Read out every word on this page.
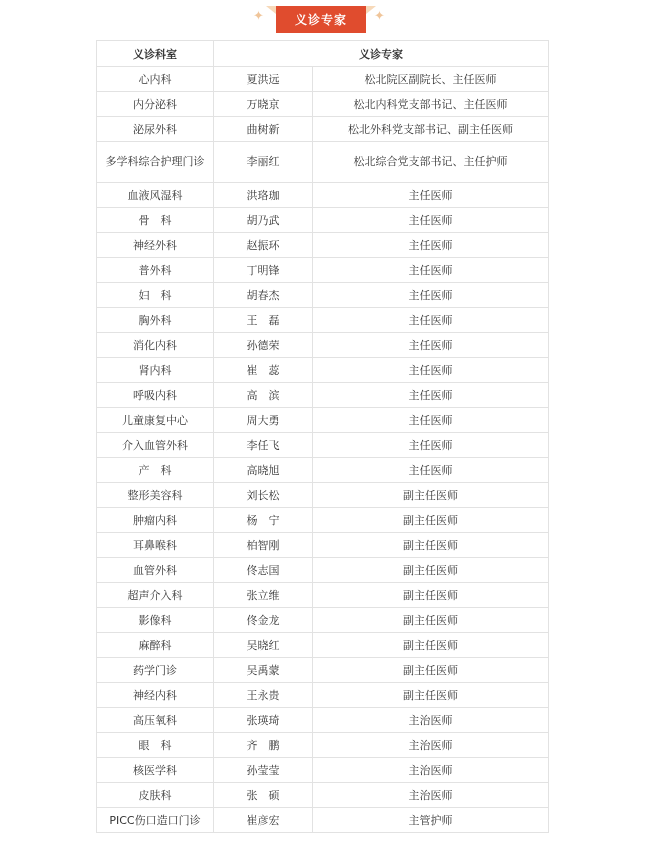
✦	义诊专家	✦
义诊科室	义诊专家	
心内科	夏洪远	松北院区副院长、主任医师
内分泌科	万晓京	松北内科党支部书记、主任医师
泌尿外科	曲树新	松北外科党支部书记、副主任医师
多学科综合护理门诊	李丽红	松北综合党支部书记、主任护师
血液风湿科	洪珞珈	主任医师
骨　科	胡乃武	主任医师
神经外科	赵振环	主任医师
普外科	丁明锋	主任医师
妇　科	胡春杰	主任医师
胸外科	王　磊	主任医师
消化内科	孙德荣	主任医师
肾内科	崔　蕊	主任医师
呼吸内科	高　滨	主任医师
儿童康复中心	周大勇	主任医师
介入血管外科	李任飞	主任医师
产　科	高晓旭	主任医师
整形美容科	刘长松	副主任医师
肿瘤内科	杨　宁	副主任医师
耳鼻喉科	柏智刚	副主任医师
血管外科	佟志国	副主任医师
超声介入科	张立维	副主任医师
影像科	佟金龙	副主任医师
麻醉科	吴晓红	副主任医师
药学门诊	吴禹蒙	副主任医师
神经内科	王永贵	副主任医师
高压氧科	张瑛琦	主治医师
眼　科	齐　鹏	主治医师
核医学科	孙莹莹	主治医师
皮肤科	张　硕	主治医师
PICC伤口造口门诊	崔彦宏	主管护师
